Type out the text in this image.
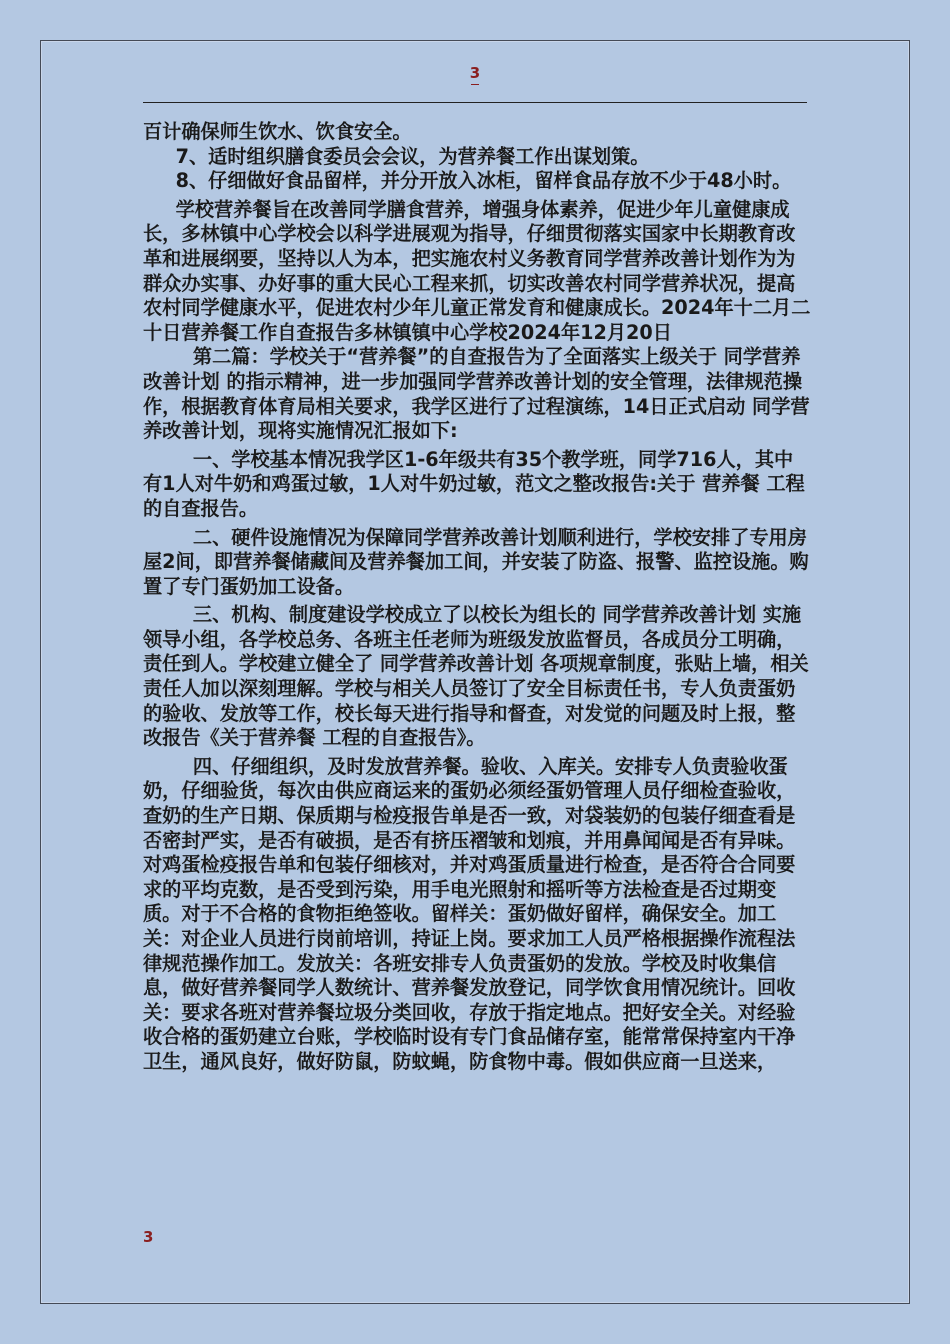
3

百计确保师生饮水、饮食安全。

7、适时组织膳食委员会会议，为营养餐工作出谋划策。

8、仔细做好食品留样，并分开放入冰柜，留样食品存放不少于48小时。

学校营养餐旨在改善同学膳食营养，增强身体素养，促进少年儿童健康成长，多林镇中心学校会以科学进展观为指导，仔细贯彻落实国家中长期教育改革和进展纲要，坚持以人为本，把实施农村义务教育同学营养改善计划作为为群众办实事、办好事的重大民心工程来抓，切实改善农村同学营养状况，提高农村同学健康水平，促进农村少年儿童正常发育和健康成长。2024年十二月二十日营养餐工作自查报告多林镇镇中心学校2024年12月20日

第二篇：学校关于“营养餐”的自查报告为了全面落实上级关于 同学营养改善计划 的指示精神，进一步加强同学营养改善计划的安全管理，法律规范操作，根据教育体育局相关要求，我学区进行了过程演练，14日正式启动 同学营养改善计划，现将实施情况汇报如下:

一、学校基本情况我学区1-6年级共有35个教学班，同学716人，其中有1人对牛奶和鸡蛋过敏，1人对牛奶过敏，范文之整改报告:关于 营养餐 工程的自查报告。

二、硬件设施情况为保障同学营养改善计划顺利进行，学校安排了专用房屋2间，即营养餐储藏间及营养餐加工间，并安装了防盗、报警、监控设施。购置了专门蛋奶加工设备。

三、机构、制度建设学校成立了以校长为组长的 同学营养改善计划 实施领导小组，各学校总务、各班主任老师为班级发放监督员，各成员分工明确，责任到人。学校建立健全了 同学营养改善计划 各项规章制度，张贴上墙，相关责任人加以深刻理解。学校与相关人员签订了安全目标责任书，专人负责蛋奶的验收、发放等工作，校长每天进行指导和督查，对发觉的问题及时上报，整改报告《关于营养餐 工程的自查报告》。

四、仔细组织，及时发放营养餐。验收、入库关。安排专人负责验收蛋奶，仔细验货，每次由供应商运来的蛋奶必须经蛋奶管理人员仔细检查验收，查奶的生产日期、保质期与检疫报告单是否一致，对袋装奶的包装仔细查看是否密封严实，是否有破损，是否有挤压褶皱和划痕，并用鼻闻闻是否有异味。对鸡蛋检疫报告单和包装仔细核对，并对鸡蛋质量进行检查，是否符合合同要求的平均克数，是否受到污染，用手电光照射和摇听等方法检查是否过期变质。对于不合格的食物拒绝签收。留样关：蛋奶做好留样，确保安全。加工关：对企业人员进行岗前培训，持证上岗。要求加工人员严格根据操作流程法律规范操作加工。发放关：各班安排专人负责蛋奶的发放。学校及时收集信息，做好营养餐同学人数统计、营养餐发放登记，同学饮食用情况统计。回收关：要求各班对营养餐垃圾分类回收，存放于指定地点。把好安全关。对经验收合格的蛋奶建立台账，学校临时设有专门食品储存室，能常常保持室内干净卫生，通风良好，做好防鼠，防蚊蝇，防食物中毒。假如供应商一旦送来，

3
